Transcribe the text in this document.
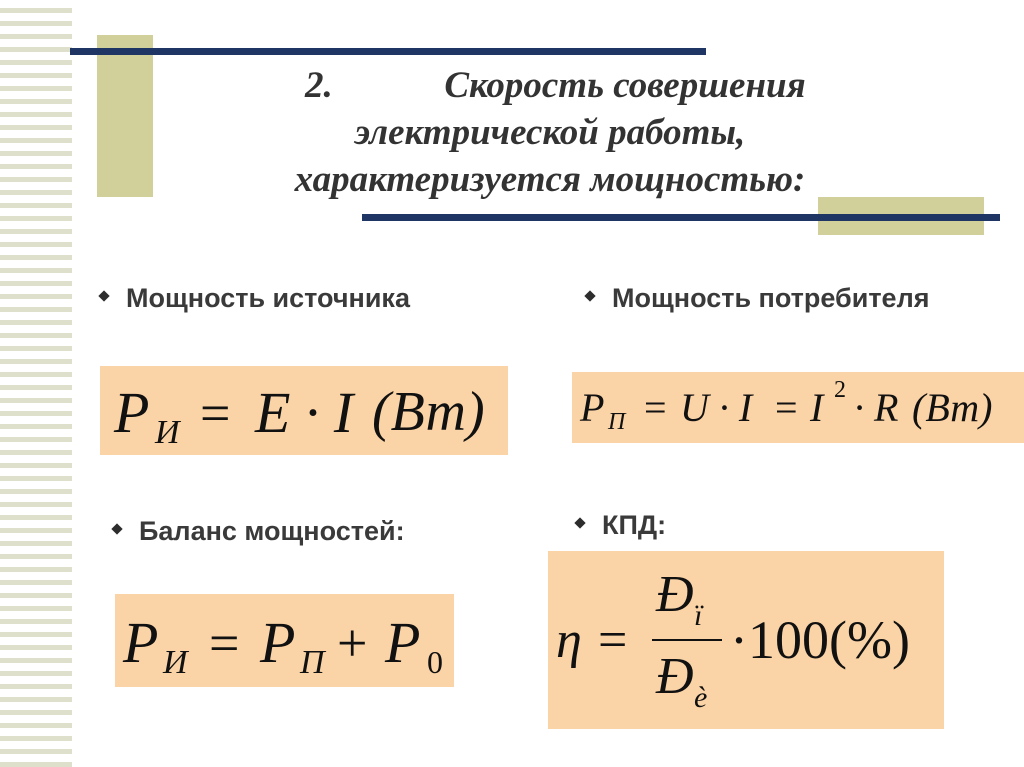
2.	Скорость совершения
электрической работы,
характеризуется мощностью:
Мощность источника	Мощность потребителя
Баланс мощностей:	КПД:
P И = E · I (Вт) P П = U · I = I 2 · R (Вт)
P И = P П + P 0 η =
Đ ï
Đ è
·100(%)
